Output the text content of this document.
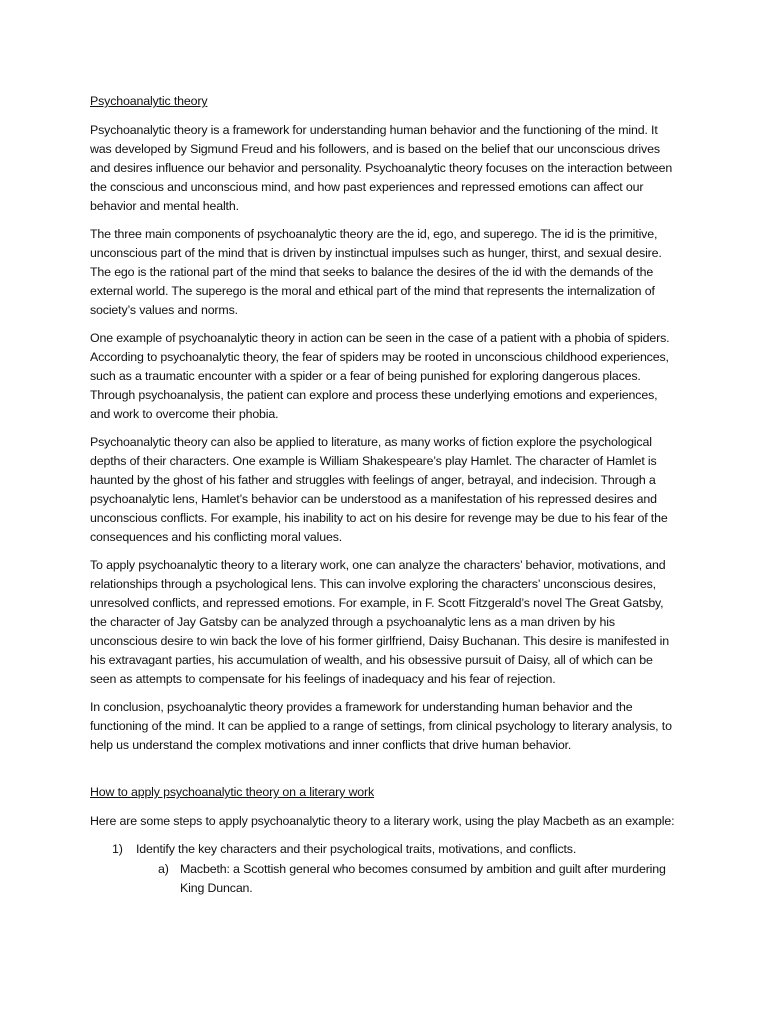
Psychoanalytic theory

Psychoanalytic theory is a framework for understanding human behavior and the functioning of the mind. It was developed by Sigmund Freud and his followers, and is based on the belief that our unconscious drives and desires influence our behavior and personality. Psychoanalytic theory focuses on the interaction between the conscious and unconscious mind, and how past experiences and repressed emotions can affect our behavior and mental health.

The three main components of psychoanalytic theory are the id, ego, and superego. The id is the primitive, unconscious part of the mind that is driven by instinctual impulses such as hunger, thirst, and sexual desire. The ego is the rational part of the mind that seeks to balance the desires of the id with the demands of the external world. The superego is the moral and ethical part of the mind that represents the internalization of society’s values and norms.

One example of psychoanalytic theory in action can be seen in the case of a patient with a phobia of spiders. According to psychoanalytic theory, the fear of spiders may be rooted in unconscious childhood experiences, such as a traumatic encounter with a spider or a fear of being punished for exploring dangerous places. Through psychoanalysis, the patient can explore and process these underlying emotions and experiences, and work to overcome their phobia.

Psychoanalytic theory can also be applied to literature, as many works of fiction explore the psychological depths of their characters. One example is William Shakespeare’s play Hamlet. The character of Hamlet is haunted by the ghost of his father and struggles with feelings of anger, betrayal, and indecision. Through a psychoanalytic lens, Hamlet’s behavior can be understood as a manifestation of his repressed desires and unconscious conflicts. For example, his inability to act on his desire for revenge may be due to his fear of the consequences and his conflicting moral values.

To apply psychoanalytic theory to a literary work, one can analyze the characters’ behavior, motivations, and relationships through a psychological lens. This can involve exploring the characters’ unconscious desires, unresolved conflicts, and repressed emotions. For example, in F. Scott Fitzgerald’s novel The Great Gatsby, the character of Jay Gatsby can be analyzed through a psychoanalytic lens as a man driven by his unconscious desire to win back the love of his former girlfriend, Daisy Buchanan. This desire is manifested in his extravagant parties, his accumulation of wealth, and his obsessive pursuit of Daisy, all of which can be seen as attempts to compensate for his feelings of inadequacy and his fear of rejection.

In conclusion, psychoanalytic theory provides a framework for understanding human behavior and the functioning of the mind. It can be applied to a range of settings, from clinical psychology to literary analysis, to help us understand the complex motivations and inner conflicts that drive human behavior.

How to apply psychoanalytic theory on a literary work

Here are some steps to apply psychoanalytic theory to a literary work, using the play Macbeth as an example:

1)	Identify the key characters and their psychological traits, motivations, and conflicts.
a) Macbeth: a Scottish general who becomes consumed by ambition and guilt after murdering King Duncan.
